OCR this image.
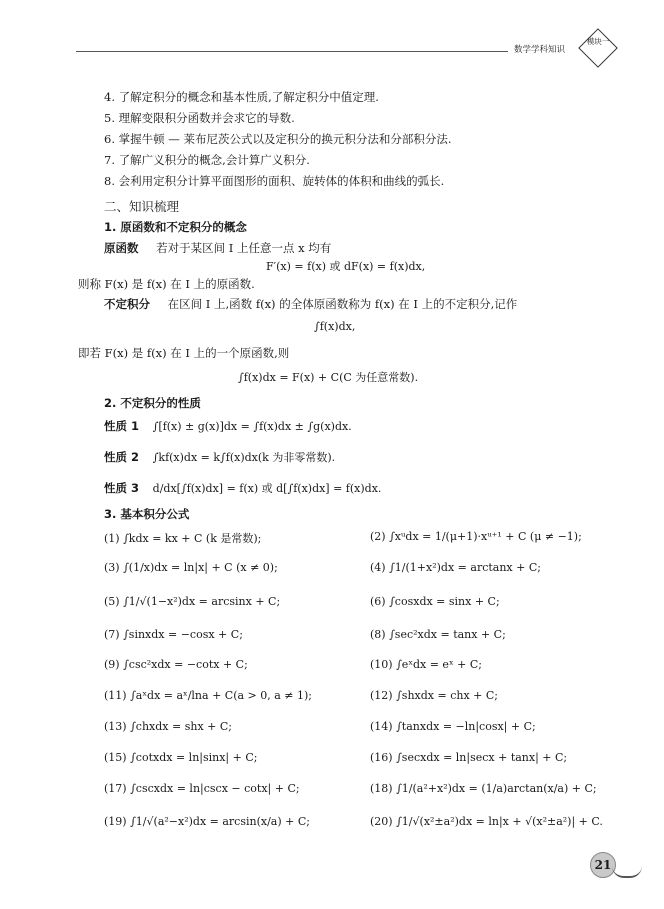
数学学科知识
模块一
4. 了解定积分的概念和基本性质,了解定积分中值定理.
5. 理解变限积分函数并会求它的导数.
6. 掌握牛顿 — 莱布尼茨公式以及定积分的换元积分法和分部积分法.
7. 了解广义积分的概念,会计算广义积分.
8. 会利用定积分计算平面图形的面积、旋转体的体积和曲线的弧长.
二、知识梳理
1. 原函数和不定积分的概念
原函数 若对于某区间 I 上任意一点 x 均有
F′(x) = f(x) 或 dF(x) = f(x)dx,
则称 F(x) 是 f(x) 在 I 上的原函数.
不定积分 在区间 I 上,函数 f(x) 的全体原函数称为 f(x) 在 I 上的不定积分,记作
∫f(x)dx,
即若 F(x) 是 f(x) 在 I 上的一个原函数,则
∫f(x)dx = F(x) + C(C 为任意常数).
2. 不定积分的性质
性质 1 ∫[f(x) ± g(x)]dx = ∫f(x)dx ± ∫g(x)dx.
性质 2 ∫kf(x)dx = k∫f(x)dx(k 为非零常数).
性质 3 d/dx[∫f(x)dx] = f(x) 或 d[∫f(x)dx] = f(x)dx.
3. 基本积分公式
(1) ∫kdx = kx + C (k 是常数);	(2) ∫xᵘdx = 1/(μ+1)·xᵘ⁺¹ + C (μ ≠ −1);
(3) ∫(1/x)dx = ln|x| + C (x ≠ 0);	(4) ∫1/(1+x²)dx = arctanx + C;
(5) ∫1/√(1−x²)dx = arcsinx + C;	(6) ∫cosxdx = sinx + C;
(7) ∫sinxdx = −cosx + C;	(8) ∫sec²xdx = tanx + C;
(9) ∫csc²xdx = −cotx + C;	(10) ∫eˣdx = eˣ + C;
(11) ∫aˣdx = aˣ/lna + C(a > 0, a ≠ 1);	(12) ∫shxdx = chx + C;
(13) ∫chxdx = shx + C;	(14) ∫tanxdx = −ln|cosx| + C;
(15) ∫cotxdx = ln|sinx| + C;	(16) ∫secxdx = ln|secx + tanx| + C;
(17) ∫cscxdx = ln|cscx − cotx| + C;	(18) ∫1/(a²+x²)dx = (1/a)arctan(x/a) + C;
(19) ∫1/√(a²−x²)dx = arcsin(x/a) + C;	(20) ∫1/√(x²±a²)dx = ln|x + √(x²±a²)| + C.
21
